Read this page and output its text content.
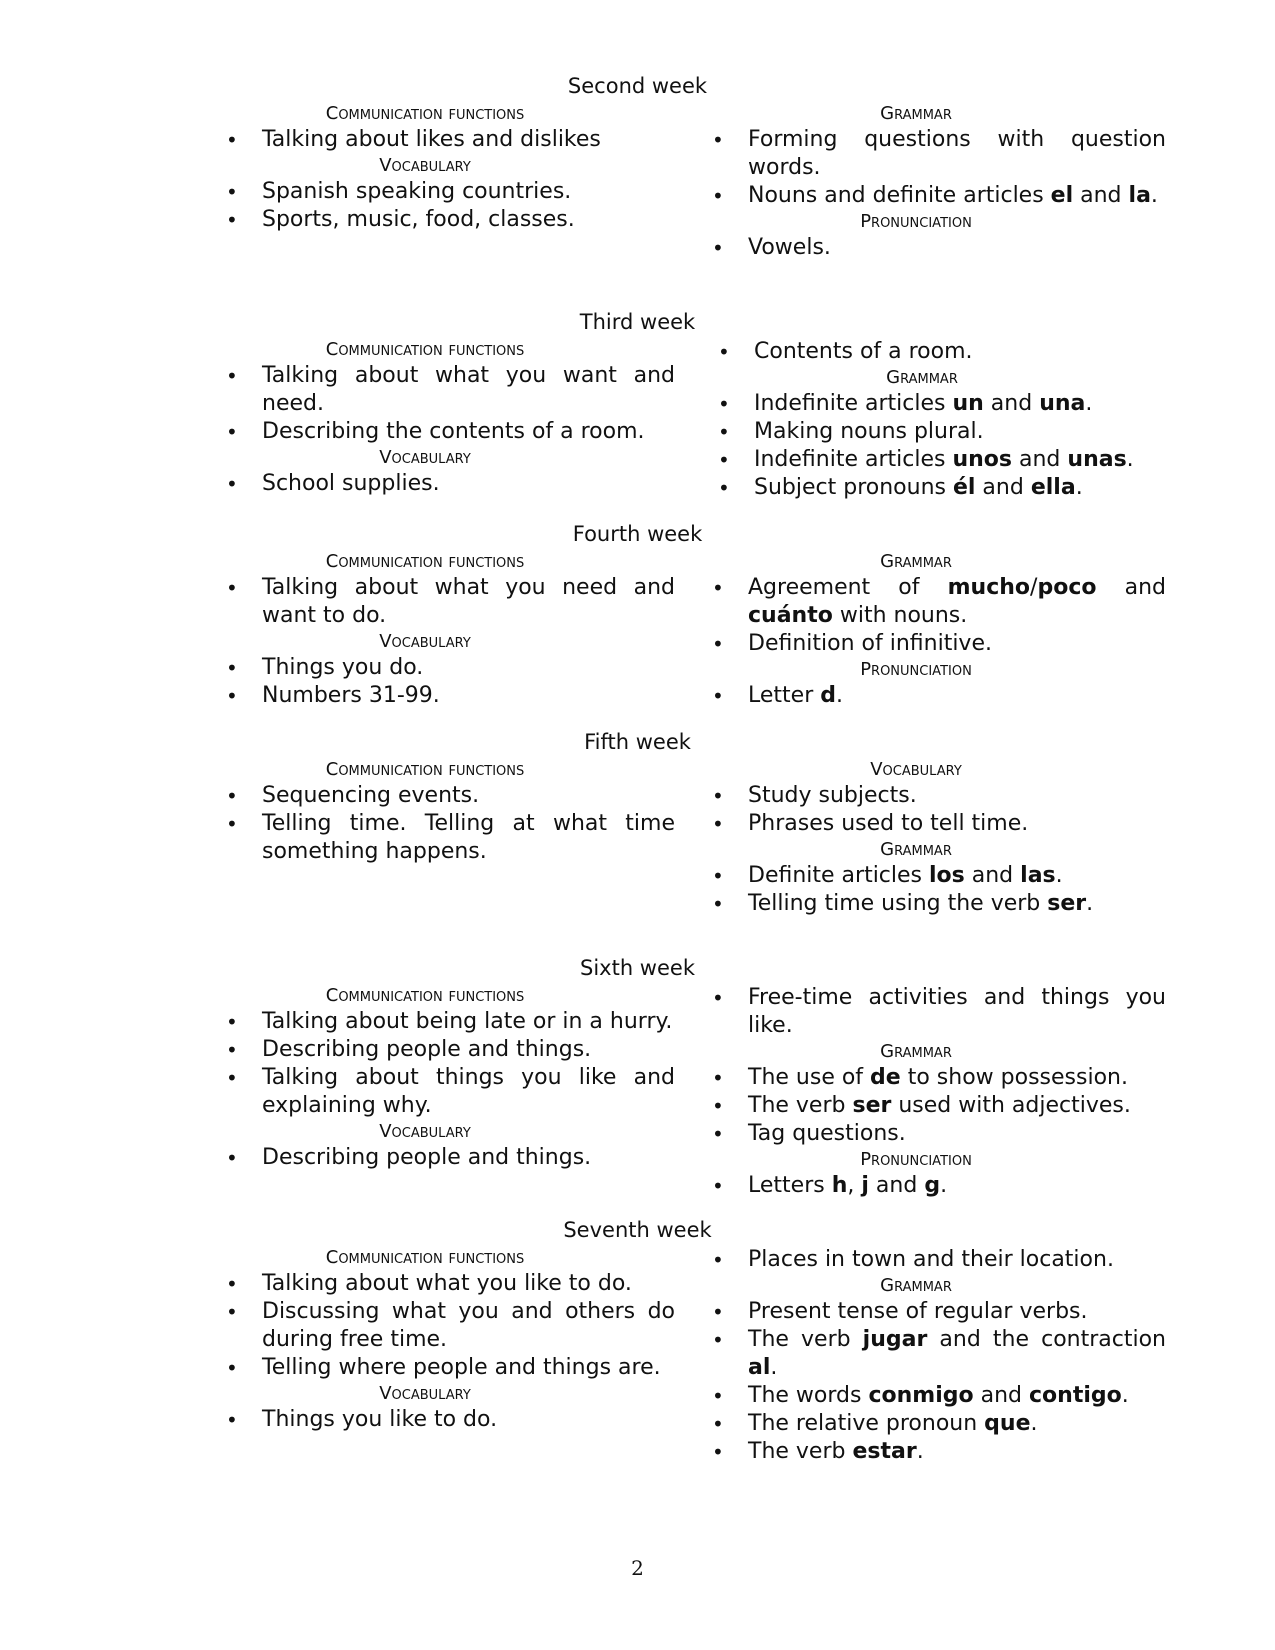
Second week
Communication functions
• Talking about likes and dislikes
Vocabulary
• Spanish speaking countries.
• Sports, music, food, classes.
Grammar
• Forming questions with question words.
• Nouns and definite articles el and la.
Pronunciation
• Vowels.
Third week
Communication functions
• Talking about what you want and need.
• Describing the contents of a room.
Vocabulary
• School supplies.
• Contents of a room.
Grammar
• Indefinite articles un and una.
• Making nouns plural.
• Indefinite articles unos and unas.
• Subject pronouns él and ella.
Fourth week
Communication functions
• Talking about what you need and want to do.
Vocabulary
• Things you do.
• Numbers 31-99.
Grammar
• Agreement of mucho/poco and cuánto with nouns.
• Definition of infinitive.
Pronunciation
• Letter d.
Fifth week
Communication functions
• Sequencing events.
• Telling time. Telling at what time something happens.
Vocabulary
• Study subjects.
• Phrases used to tell time.
Grammar
• Definite articles los and las.
• Telling time using the verb ser.
Sixth week
Communication functions
• Talking about being late or in a hurry.
• Describing people and things.
• Talking about things you like and explaining why.
Vocabulary
• Describing people and things.
• Free-time activities and things you like.
Grammar
• The use of de to show possession.
• The verb ser used with adjectives.
• Tag questions.
Pronunciation
• Letters h, j and g.
Seventh week
Communication functions
• Talking about what you like to do.
• Discussing what you and others do during free time.
• Telling where people and things are.
Vocabulary
• Things you like to do.
• Places in town and their location.
Grammar
• Present tense of regular verbs.
• The verb jugar and the contraction al.
• The words conmigo and contigo.
• The relative pronoun que.
• The verb estar.
2
